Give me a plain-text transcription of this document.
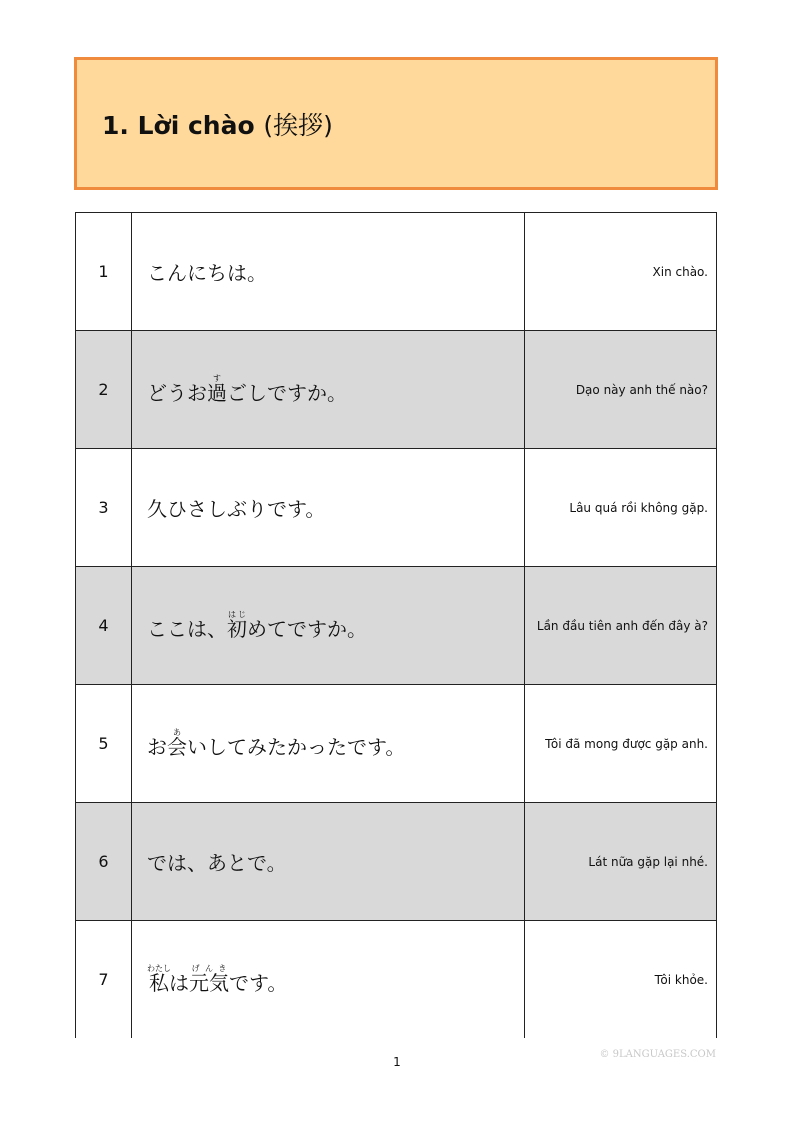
1. Lời chào (挨拶)
1	こんにちは。	Xin chào.
2	どうお過すごしですか。	Dạo này anh thế nào?
3	久ひさしぶりです。	Lâu quá rồi không gặp.
4	ここは、初はじめてですか。	Lần đầu tiên anh đến đây à?
5	お会あいしてみたかったです。	Tôi đã mong được gặp anh.
6	では、あとで。	Lát nữa gặp lại nhé.
7	私わたしは元気げんきです。	Tôi khỏe.
© 9LANGUAGES.COM
1
